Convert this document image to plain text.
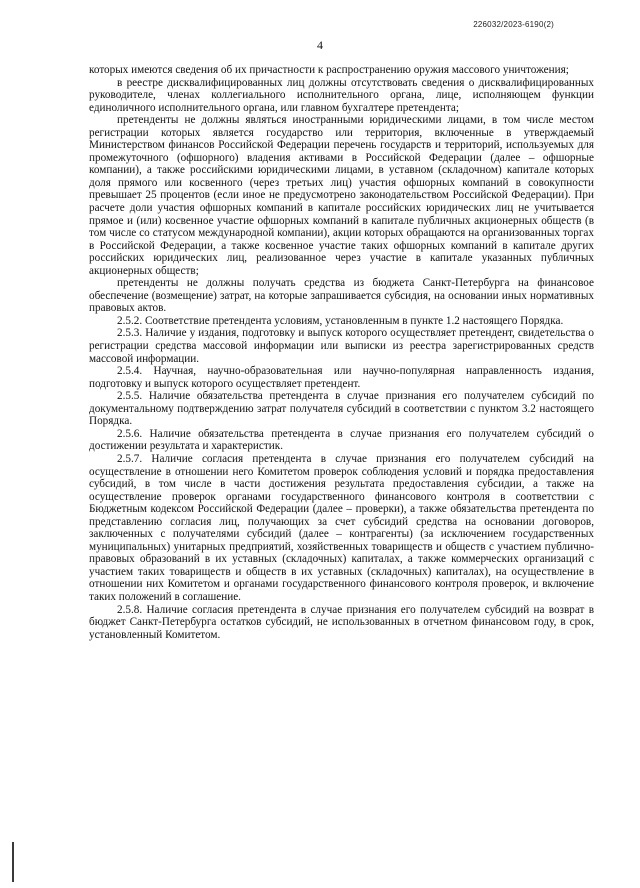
226032/2023-6190(2)
4

которых имеются сведения об их причастности к распространению оружия массового уничтожения;

в реестре дисквалифицированных лиц должны отсутствовать сведения о дисквалифицированных руководителе, членах коллегиального исполнительного органа, лице, исполняющем функции единоличного исполнительного органа, или главном бухгалтере претендента;

претенденты не должны являться иностранными юридическими лицами, в том числе местом регистрации которых является государство или территория, включенные в утверждаемый Министерством финансов Российской Федерации перечень государств и территорий, используемых для промежуточного (офшорного) владения активами в Российской Федерации (далее – офшорные компании), а также российскими юридическими лицами, в уставном (складочном) капитале которых доля прямого или косвенного (через третьих лиц) участия офшорных компаний в совокупности превышает 25 процентов (если иное не предусмотрено законодательством Российской Федерации). При расчете доли участия офшорных компаний в капитале российских юридических лиц не учитывается прямое и (или) косвенное участие офшорных компаний в капитале публичных акционерных обществ (в том числе со статусом международной компании), акции которых обращаются на организованных торгах в Российской Федерации, а также косвенное участие таких офшорных компаний в капитале других российских юридических лиц, реализованное через участие в капитале указанных публичных акционерных обществ;

претенденты не должны получать средства из бюджета Санкт-Петербурга на финансовое обеспечение (возмещение) затрат, на которые запрашивается субсидия, на основании иных нормативных правовых актов.

2.5.2. Соответствие претендента условиям, установленным в пункте 1.2 настоящего Порядка.

2.5.3. Наличие у издания, подготовку и выпуск которого осуществляет претендент, свидетельства о регистрации средства массовой информации или выписки из реестра зарегистрированных средств массовой информации.

2.5.4. Научная, научно-образовательная или научно-популярная направленность издания, подготовку и выпуск которого осуществляет претендент.

2.5.5. Наличие обязательства претендента в случае признания его получателем субсидий по документальному подтверждению затрат получателя субсидий в соответствии с пунктом 3.2 настоящего Порядка.

2.5.6. Наличие обязательства претендента в случае признания его получателем субсидий о достижении результата и характеристик.

2.5.7. Наличие согласия претендента в случае признания его получателем субсидий на осуществление в отношении него Комитетом проверок соблюдения условий и порядка предоставления субсидий, в том числе в части достижения результата предоставления субсидии, а также на осуществление проверок органами государственного финансового контроля в соответствии с Бюджетным кодексом Российской Федерации (далее – проверки), а также обязательства претендента по представлению согласия лиц, получающих за счет субсидий средства на основании договоров, заключенных с получателями субсидий (далее – контрагенты) (за исключением государственных муниципальных) унитарных предприятий, хозяйственных товариществ и обществ с участием публично-правовых образований в их уставных (складочных) капиталах, а также коммерческих организаций с участием таких товариществ и обществ в их уставных (складочных) капиталах), на осуществление в отношении них Комитетом и органами государственного финансового контроля проверок, и включение таких положений в соглашение.

2.5.8. Наличие согласия претендента в случае признания его получателем субсидий на возврат в бюджет Санкт-Петербурга остатков субсидий, не использованных в отчетном финансовом году, в срок, установленный Комитетом.
